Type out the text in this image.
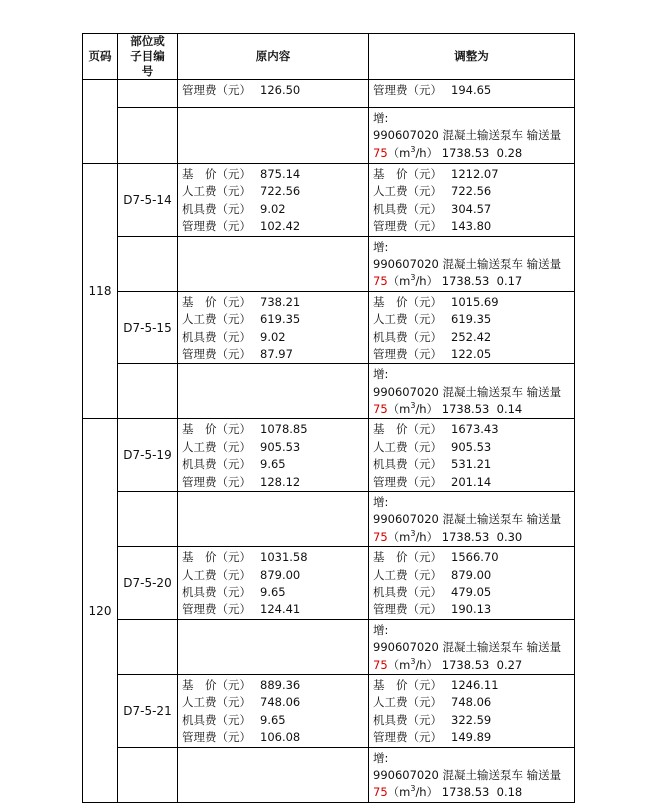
页码	部位或子目编号	原内容	调整为

		管理费（元） 126.50	管理费（元） 194.65

			增:
990607020 混凝土输送泵车 输送量
$75(m^3/h)$ 1738.53 0.28

118	D7-5-14	基　价（元） 875.14
人工费（元） 722.56
机具费（元） 9.02
管理费（元） 102.42	基　价（元） 1212.07
人工费（元） 722.56
机具费（元） 304.57
管理费（元） 143.80

			增:
990607020 混凝土输送泵车 输送量
$75(m^3/h)$ 1738.53 0.17

	D7-5-15	基　价（元） 738.21
人工费（元） 619.35
机具费（元） 9.02
管理费（元） 87.97	基　价（元） 1015.69
人工费（元） 619.35
机具费（元） 252.42
管理费（元） 122.05

			增:
990607020 混凝土输送泵车 输送量
$75(m^3/h)$ 1738.53 0.14

120	D7-5-19	基　价（元） 1078.85
人工费（元） 905.53
机具费（元） 9.65
管理费（元） 128.12	基　价（元） 1673.43
人工费（元） 905.53
机具费（元） 531.21
管理费（元） 201.14

			增:
990607020 混凝土输送泵车 输送量
$75(m^3/h)$ 1738.53 0.30

	D7-5-20	基　价（元） 1031.58
人工费（元） 879.00
机具费（元） 9.65
管理费（元） 124.41	基　价（元） 1566.70
人工费（元） 879.00
机具费（元） 479.05
管理费（元） 190.13

			增:
990607020 混凝土输送泵车 输送量
$75(m^3/h)$ 1738.53 0.27

	D7-5-21	基　价（元） 889.36
人工费（元） 748.06
机具费（元） 9.65
管理费（元） 106.08	基　价（元） 1246.11
人工费（元） 748.06
机具费（元） 322.59
管理费（元） 149.89

			增:
990607020 混凝土输送泵车 输送量
$75(m^3/h)$ 1738.53 0.18
